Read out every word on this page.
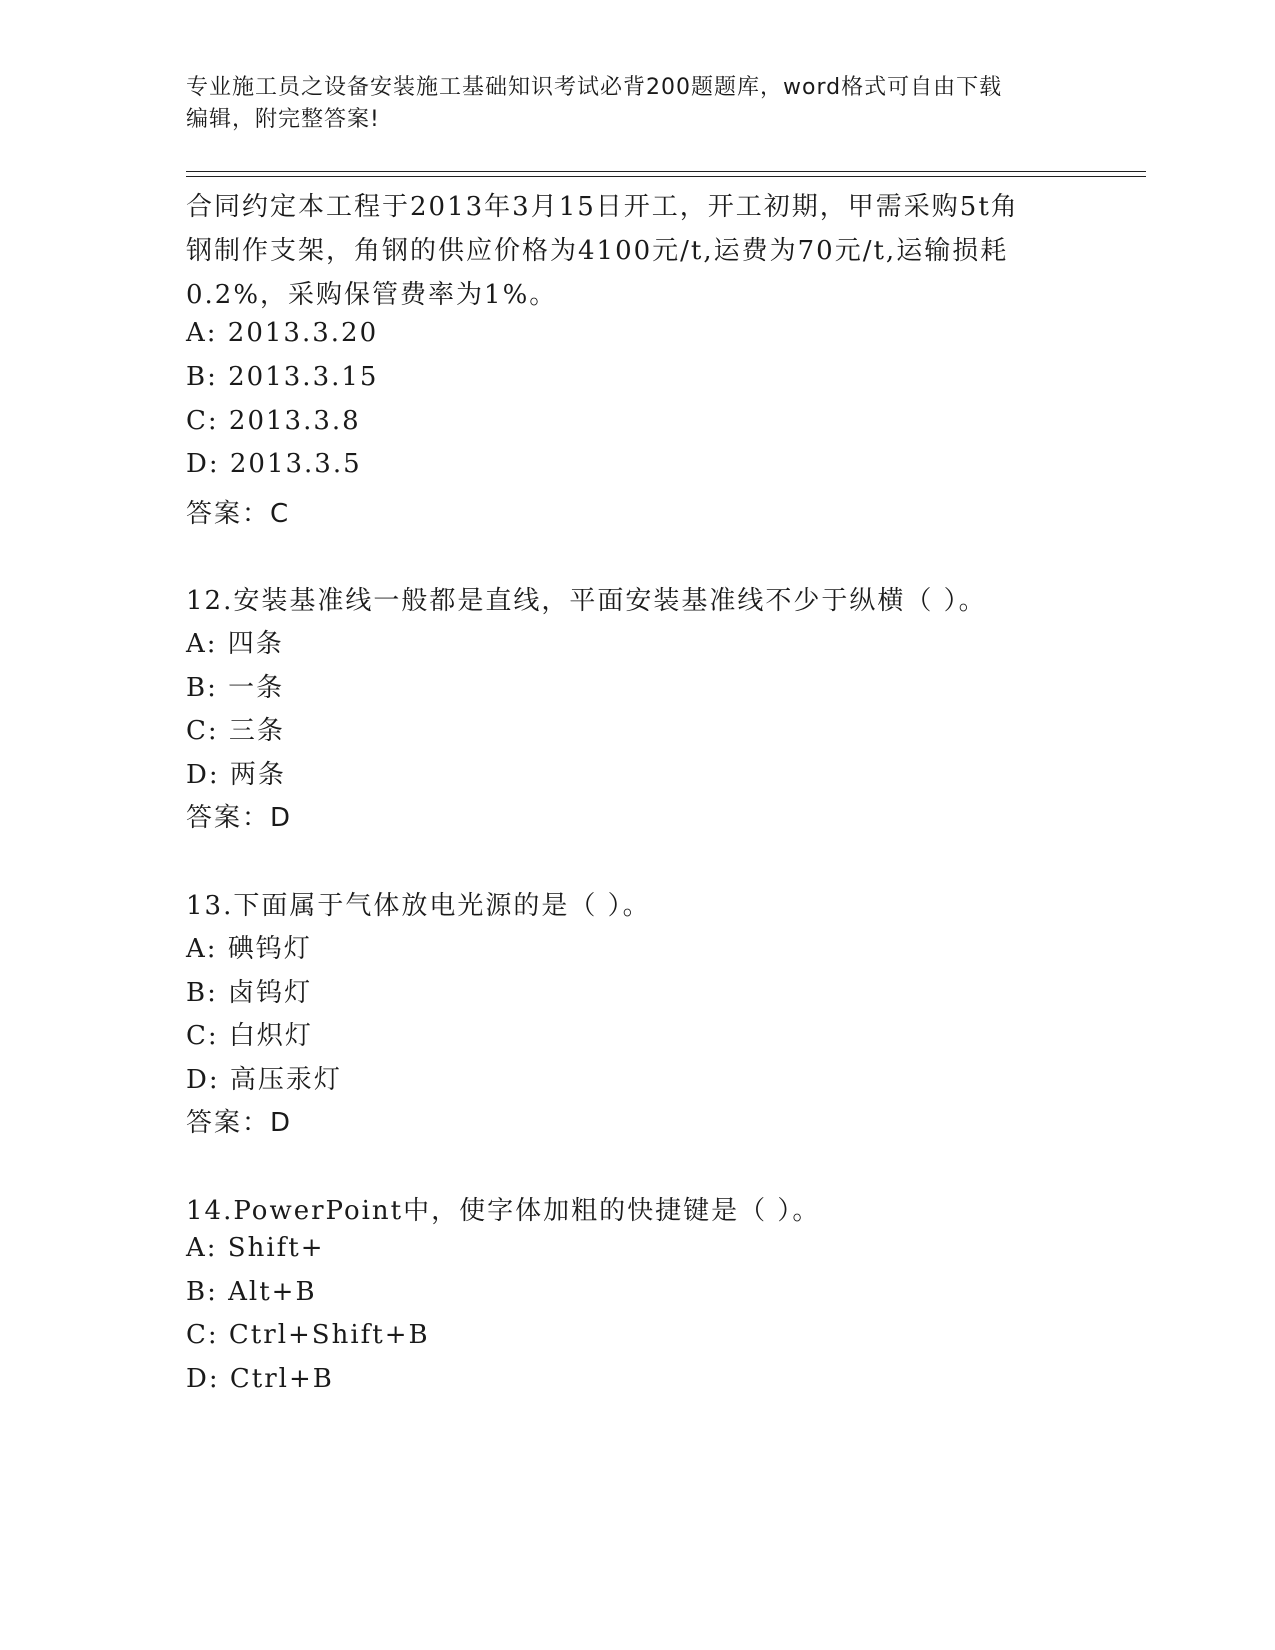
专业施工员之设备安装施工基础知识考试必背200题题库，word格式可自由下载
编辑，附完整答案!
合同约定本工程于2013年3月15日开工，开工初期，甲需采购5t角
钢制作支架，角钢的供应价格为4100元/t,运费为70元/t,运输损耗
0.2%，采购保管费率为1%。
A: 2013.3.20
B: 2013.3.15
C: 2013.3.8
D: 2013.3.5
答案：C
12.安装基准线一般都是直线，平面安装基准线不少于纵横（ ）。
A: 四条
B: 一条
C: 三条
D: 两条
答案：D
13.下面属于气体放电光源的是（ ）。
A: 碘钨灯
B: 卤钨灯
C: 白炽灯
D: 高压汞灯
答案：D
14.PowerPoint中，使字体加粗的快捷键是（ ）。
A: Shift+
B: Alt+B
C: Ctrl+Shift+B
D: Ctrl+B
